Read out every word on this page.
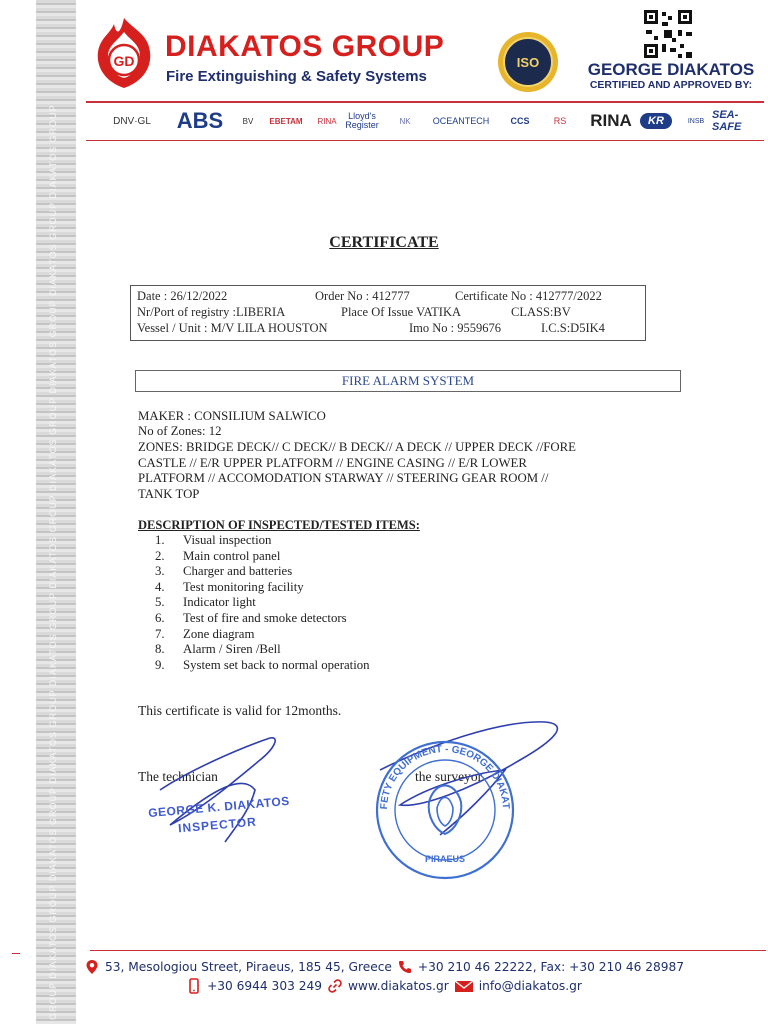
GROUP DIAKATOS GROUP DIAKATOS GROUP DIAKATOS GROUP DIAKATOS GROUP DIAKATOS GROUP DIAKATOS GROUP DIAKATOS GROUP DIAKATOS GROUP DIAKATOS GROUP
GD DIAKATOS GROUP
Fire Extinguishing & Safety Systems
ISO	GEORGE DIAKATOS
CERTIFIED AND APPROVED BY:
DNV·GL	ABS	BV	EBETAM	RINA	Lloyd's Register	NK	OCEANTECH	CCS	RS	RINA	KR	INSB SEA-SAFE
CERTIFICATE
Date : 26/12/2022	Order No : 412777	Certificate No : 412777/2022
Nr/Port of registry :LIBERIA	Place Of Issue VATIKA	CLASS:BV
Vessel / Unit : M/V LILA HOUSTON	Imo No : 9559676	I.C.S:D5IK4
FIRE ALARM SYSTEM
MAKER : CONSILIUM SALWICO
No of Zones: 12
ZONES: BRIDGE DECK// C DECK// B DECK// A DECK // UPPER DECK //FORE
CASTLE // E/R UPPER PLATFORM // ENGINE CASING // E/R LOWER
PLATFORM // ACCOMODATION STARWAY // STEERING GEAR ROOM //
TANK TOP
DESCRIPTION OF INSPECTED/TESTED ITEMS:
1.	Visual inspection
2.	Main control panel
3.	Charger and batteries
4.	Test monitoring facility
5.	Indicator light
6.	Test of fire and smoke detectors
7.	Zone diagram
8.	Alarm / Siren /Bell
9.	System set back to normal operation
This certificate is valid for 12months.
The technician	the surveyor
SAFETY EQUIPMENT - GEORGE DIAKATOS
PIRAEUS
GEORGE K. DIAKATOS
INSPECTOR
53, Mesologiou Street, Piraeus, 185 45, Greece +30 210 46 22222, Fax: +30 210 46 28987
+30 6944 303 249 www.diakatos.gr info@diakatos.gr
